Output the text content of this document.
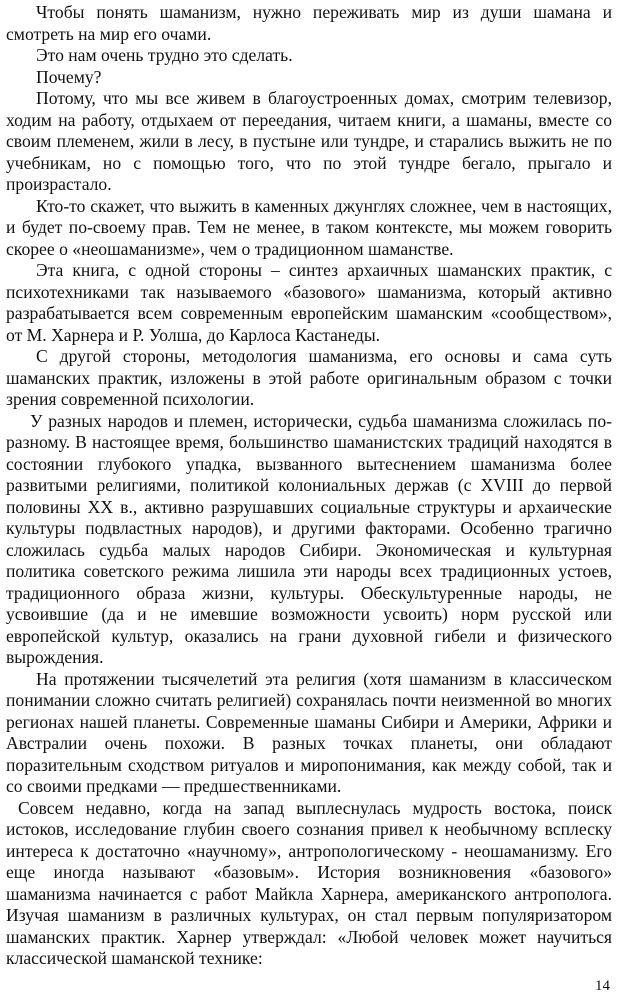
Чтобы понять шаманизм, нужно переживать мир из души шамана и смотреть на мир его очами.

Это нам очень трудно это сделать.

Почему?

Потому, что мы все живем в благоустроенных домах, смотрим телевизор, ходим на работу, отдыхаем от переедания, читаем книги, а шаманы, вместе со своим племенем, жили в лесу, в пустыне или тундре, и старались выжить не по учебникам, но с помощью того, что по этой тундре бегало, прыгало и произрастало.

Кто-то скажет, что выжить в каменных джунглях сложнее, чем в настоящих, и будет по-своему прав. Тем не менее, в таком контексте, мы можем говорить скорее о «неошаманизме», чем о традиционном шаманстве.

Эта книга, с одной стороны – синтез архаичных шаманских практик, с психотехниками так называемого «базового» шаманизма, который активно разрабатывается всем современным европейским шаманским «сообществом», от М. Харнера и Р. Уолша, до Карлоса Кастанеды.

С другой стороны, методология шаманизма, его основы и сама суть шаманских практик, изложены в этой работе оригинальным образом с точки зрения современной психологии.

У разных народов и племен, исторически, судьба шаманизма сложилась по-разному. В настоящее время, большинство шаманистских традиций находятся в состоянии глубокого упадка, вызванного вытеснением шаманизма более развитыми религиями, политикой колониальных держав (с XVIII до первой половины XX в., активно разрушавших социальные структуры и архаические культуры подвластных народов), и другими факторами. Особенно трагично сложилась судьба малых народов Сибири. Экономическая и культурная политика советского режима лишила эти народы всех традиционных устоев, традиционного образа жизни, культуры. Обескультуренные народы, не усвоившие (да и не имевшие возможности усвоить) норм русской или европейской культур, оказались на грани духовной гибели и физического вырождения.

На протяжении тысячелетий эта религия (хотя шаманизм в классическом понимании сложно считать религией) сохранялась почти неизменной во многих регионах нашей планеты. Современные шаманы Сибири и Америки, Африки и Австралии очень похожи. В разных точках планеты, они обладают поразительным сходством ритуалов и миропонимания, как между собой, так и со своими предками — предшественниками.

Совсем недавно, когда на запад выплеснулась мудрость востока, поиск истоков, исследование глубин своего сознания привел к необычному всплеску интереса к достаточно «научному», антропологическому - неошаманизму. Его еще иногда называют «базовым». История возникновения «базового» шаманизма начинается с работ Майкла Харнера, американского антрополога. Изучая шаманизм в различных культурах, он стал первым популяризатором шаманских практик. Харнер утверждал: «Любой человек может научиться классической шаманской технике:

14
